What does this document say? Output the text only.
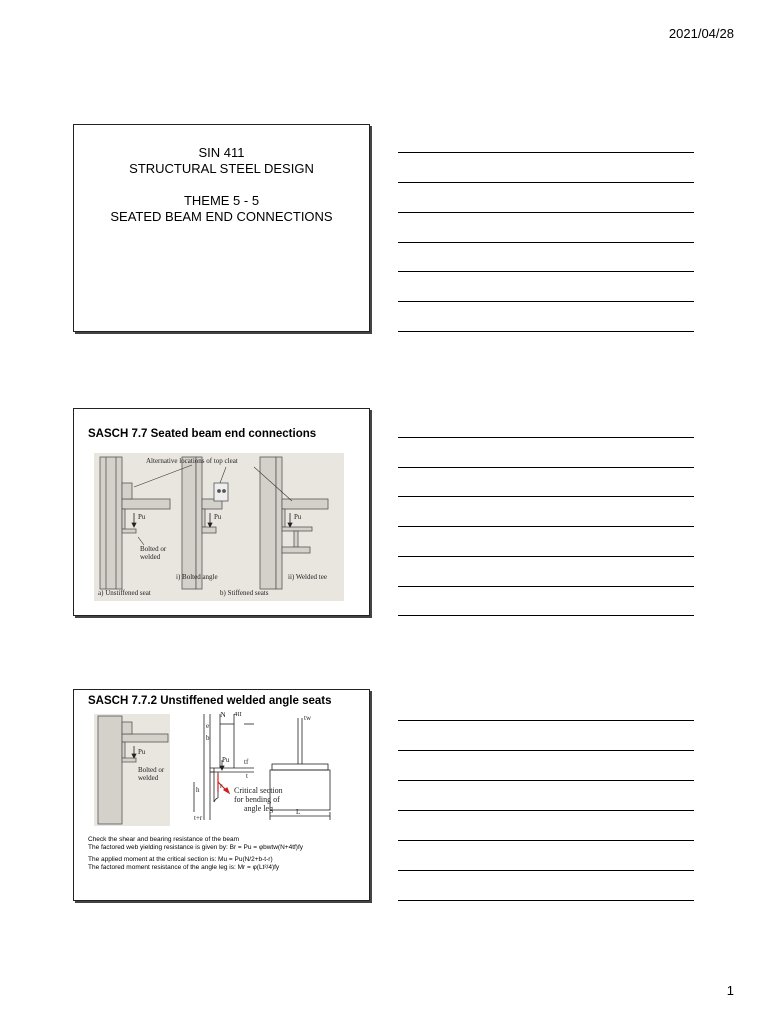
2021/04/28
SIN 411
STRUCTURAL STEEL DESIGN
THEME 5 - 5
SEATED BEAM END CONNECTIONS
SASCH 7.7 Seated beam end connections
Alternative locations of top cleat
Pu	Pu	Pu
Bolted or
welded
i) Bolted angle	ii) Welded tee
a) Unstiffened seat	b) Stiffened seats
SASCH 7.7.2 Unstiffened welded angle seats
N 4tf
e
b
Pu tf
t
h	r
t+r
Pu
Bolted or
welded
Critical section
for bending of
angle leg
tw
L
Check the shear and bearing resistance of the beam
The factored web yielding resistance is given by: Br = Pu = φbwtw(N+4tf)fy
The applied moment at the critical section is: Mu = Pu(N/2+b-t-r)
The factored moment resistance of the angle leg is: Mr = φ(Lt²/4)fy
1
